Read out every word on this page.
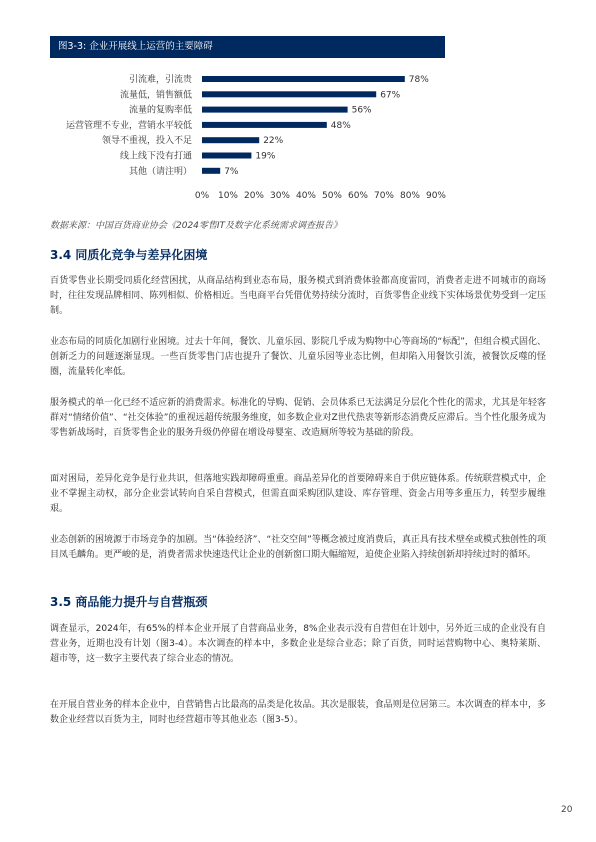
图3-3: 企业开展线上运营的主要障碍
引流难，引流贵	78%
流量低，销售额低	67%
流量的复购率低	56%
运营管理不专业，营销水平较低	48%
领导不重视，投入不足	22%
线上线下没有打通	19%
其他（请注明）	7%
0% 10% 20% 30% 40% 50% 60% 70% 80% 90%
数据来源：中国百货商业协会《2024零售IT及数字化系统需求调查报告》
3.4 同质化竞争与差异化困境

百货零售业长期受同质化经营困扰，从商品结构到业态布局，服务模式到消费体验都高度雷同，消费者走进不同城市的商场时，往往发现品牌相同、陈列相似、价格相近。当电商平台凭借优势持续分流时，百货零售企业线下实体场景优势受到一定压制。

业态布局的同质化加剧行业困境。过去十年间，餐饮、儿童乐园、影院几乎成为购物中心等商场的“标配”，但组合模式固化、创新乏力的问题逐渐显现。一些百货零售门店也提升了餐饮、儿童乐园等业态比例，但却陷入用餐饮引流，被餐饮反噬的怪圈，流量转化率低。

服务模式的单一化已经不适应新的消费需求。标准化的导购、促销、会员体系已无法满足分层化个性化的需求，尤其是年轻客群对“情绪价值”、“社交体验”的重视远超传统服务维度，如多数企业对Z世代热衷等新形态消费反应滞后。当个性化服务成为零售新战场时，百货零售企业的服务升级仍停留在增设母婴室、改造厕所等较为基础的阶段。

面对困局，差异化竞争是行业共识，但落地实践却障碍重重。商品差异化的首要障碍来自于供应链体系。传统联营模式中，企业不掌握主动权，部分企业尝试转向自采自营模式，但需直面采购团队建设、库存管理、资金占用等多重压力，转型步履维艰。

业态创新的困境源于市场竞争的加剧。当“体验经济”、“社交空间”等概念被过度消费后，真正具有技术壁垒或模式独创性的项目凤毛麟角。更严峻的是，消费者需求快速迭代让企业的创新窗口期大幅缩短，迫使企业陷入持续创新却持续过时的循环。

3.5 商品能力提升与自营瓶颈

调查显示，2024年，有65%的样本企业开展了自营商品业务，8%企业表示没有自营但在计划中，另外近三成的企业没有自营业务，近期也没有计划（图3-4）。本次调查的样本中，多数企业是综合业态；除了百货，同时运营购物中心、奥特莱斯、超市等，这一数字主要代表了综合业态的情况。

在开展自营业务的样本企业中，自营销售占比最高的品类是化妆品。其次是服装，食品则是位居第三。本次调查的样本中，多数企业经营以百货为主，同时也经营超市等其他业态（图3-5）。

20
